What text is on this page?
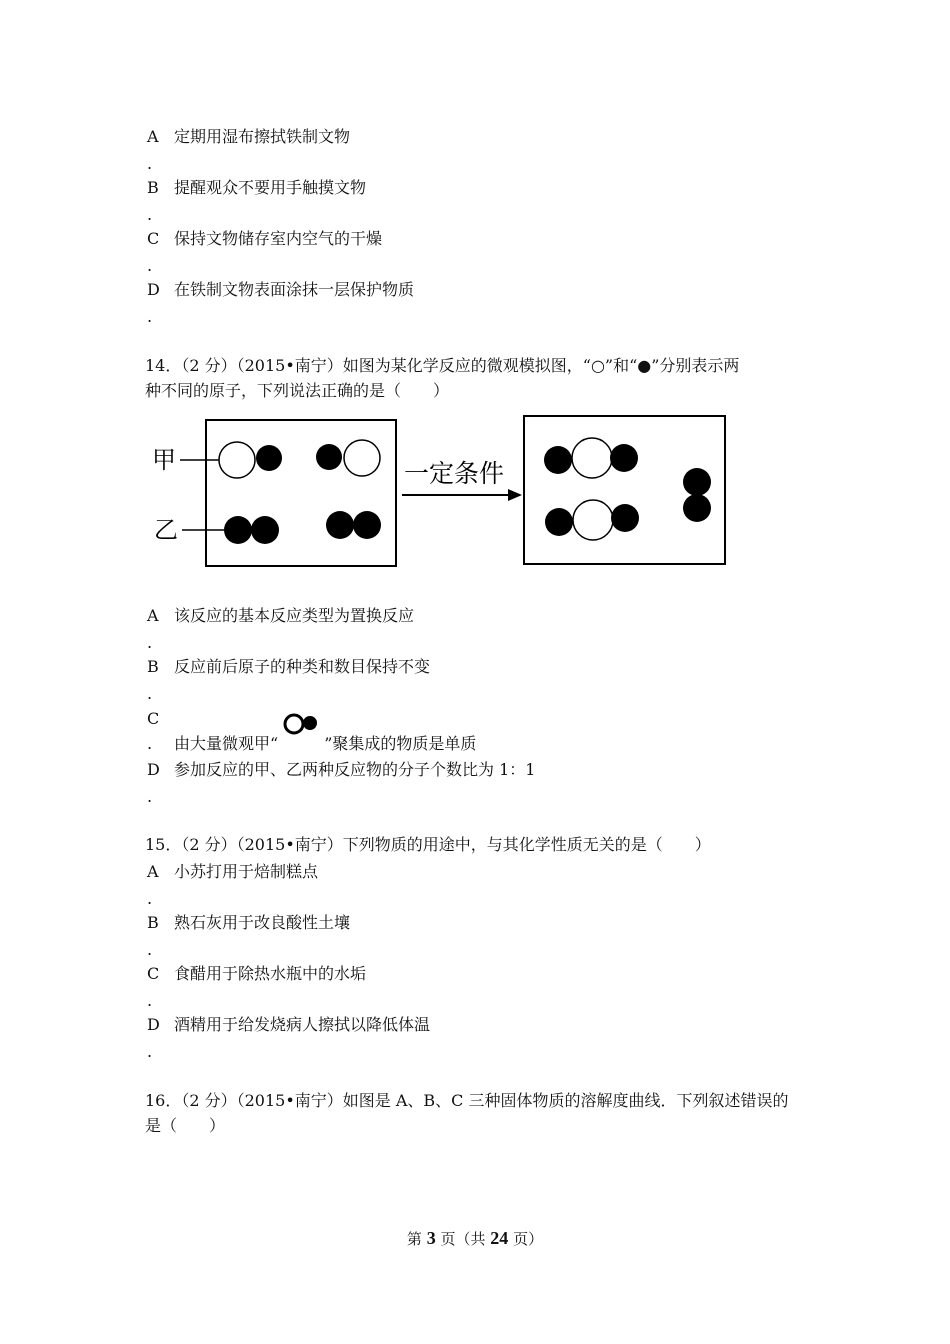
A 定期用湿布擦拭铁制文物
.
B 提醒观众不要用手触摸文物
.
C 保持文物储存室内空气的干燥
.
D 在铁制文物表面涂抹一层保护物质
.
14．（2 分）（2015•南宁）如图为某化学反应的微观模拟图，“○”和“●”分别表示两
种不同的原子，下列说法正确的是（　　）
甲
乙
一定条件
A 该反应的基本反应类型为置换反应
.
B 反应前后原子的种类和数目保持不变
.
C
. 由大量微观甲“	”聚集成的物质是单质
D 参加反应的甲、乙两种反应物的分子个数比为 1：1
.
15．（2 分）（2015•南宁）下列物质的用途中，与其化学性质无关的是（　　）
A 小苏打用于焙制糕点
.
B 熟石灰用于改良酸性土壤
.
C 食醋用于除热水瓶中的水垢
.
D 酒精用于给发烧病人擦拭以降低体温
.
16．（2 分）（2015•南宁）如图是 A、B、C 三种固体物质的溶解度曲线．下列叙述错误的
是（　　）
第 3 页（共 24 页）
